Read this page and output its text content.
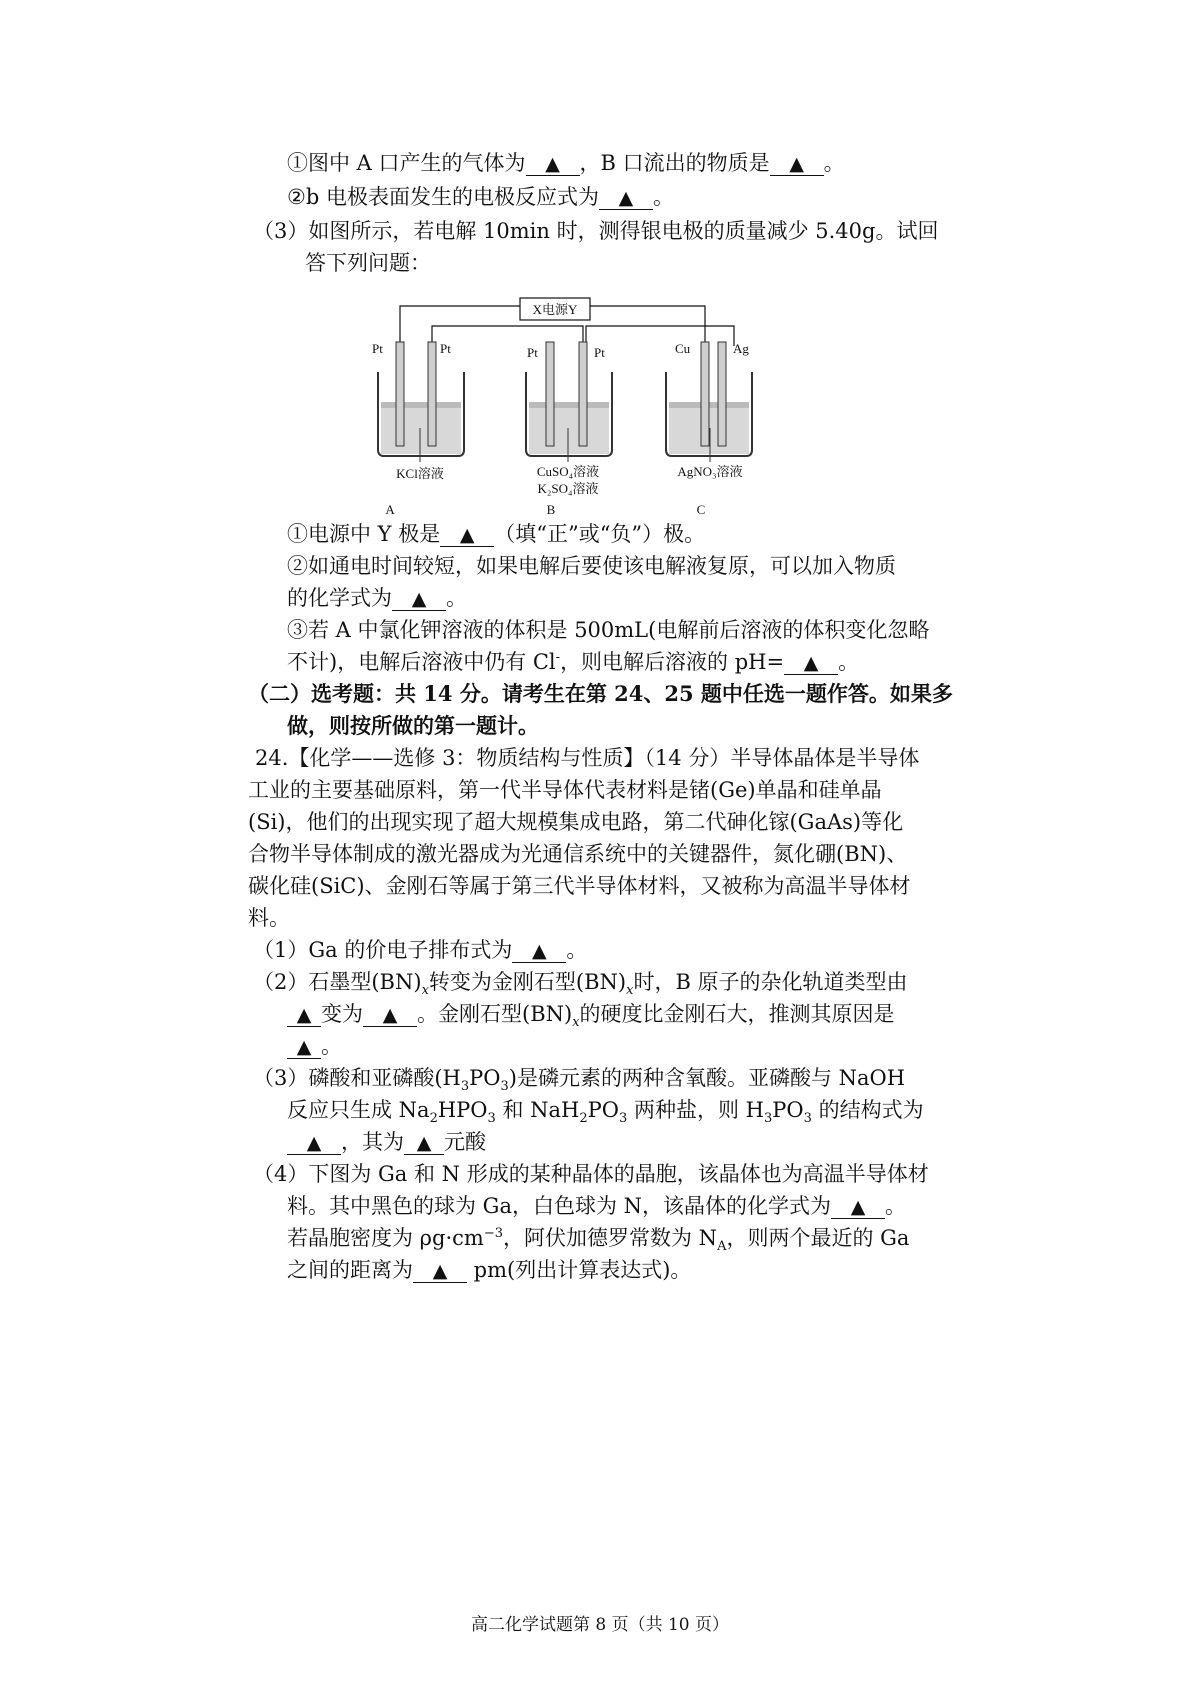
①图中 A 口产生的气体为 ▲ ，B 口流出的物质是 ▲ 。
②b 电极表面发生的电极反应式为 ▲ 。
（3）如图所示，若电解 10min 时，测得银电极的质量减少 5.40g。试回
答下列问题：
X电源Y
Pt	Pt	Pt	Pt	Cu	Ag
KCl溶液	CuSO₄溶液
K₂SO₄溶液
AgNO₃溶液
A	B	C
①电源中 Y 极是 ▲ （填“正”或“负”）极。
②如通电时间较短，如果电解后要使该电解液复原，可以加入物质
的化学式为 ▲ 。
③若 A 中氯化钾溶液的体积是 500mL(电解前后溶液的体积变化忽略
不计)，电解后溶液中仍有 Cl-，则电解后溶液的 pH= ▲ 。
（二）选考题：共 14 分。请考生在第 24、25 题中任选一题作答。如果多
做，则按所做的第一题计。
24.【化学——选修 3：物质结构与性质】（14 分）半导体晶体是半导体
工业的主要基础原料，第一代半导体代表材料是锗(Ge)单晶和硅单晶
(Si)，他们的出现实现了超大规模集成电路，第二代砷化镓(GaAs)等化
合物半导体制成的激光器成为光通信系统中的关键器件，氮化硼(BN)、
碳化硅(SiC)、金刚石等属于第三代半导体材料，又被称为高温半导体材
料。
（1）Ga 的价电子排布式为 ▲ 。
（2）石墨型$(BN)_x$转变为金刚石型$(BN)_x$时，B 原子的杂化轨道类型由
▲ 变为 ▲ 。金刚石型$(BN)_x$的硬度比金刚石大，推测其原因是
▲ 。
（3）磷酸和亚磷酸$(H_3PO_3)$是磷元素的两种含氧酸。亚磷酸与 NaOH
反应只生成 $Na_2HPO_3$ 和 $NaH_2PO_3$ 两种盐，则 $H_3PO_3$ 的结构式为
▲ ，其为 ▲ 元酸
（4）下图为 Ga 和 N 形成的某种晶体的晶胞，该晶体也为高温半导体材
料。其中黑色的球为 Ga，白色球为 N，该晶体的化学式为 ▲ 。
若晶胞密度为 $\rho g\cdot cm^{-3}$，阿伏加德罗常数为 $N_A$，则两个最近的 Ga
之间的距离为 ▲ pm(列出计算表达式)。
高二化学试题第 8 页（共 10 页）
